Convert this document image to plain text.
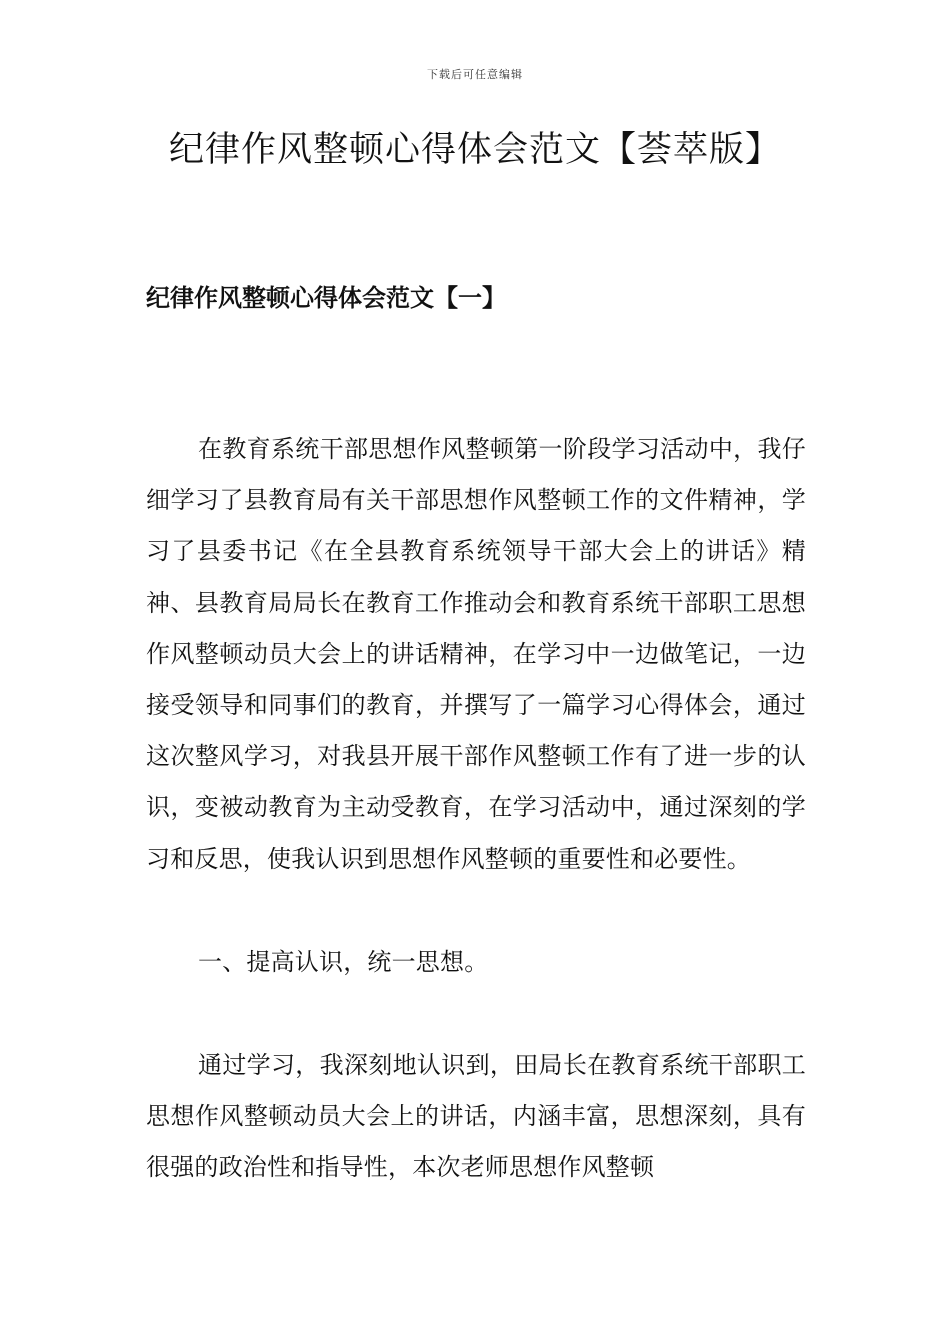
下载后可任意编辑
纪律作风整顿心得体会范文【荟萃版】
纪律作风整顿心得体会范文【一】

在教育系统干部思想作风整顿第一阶段学习活动中，我仔细学习了县教育局有关干部思想作风整顿工作的文件精神，学习了县委书记《在全县教育系统领导干部大会上的讲话》精神、县教育局局长在教育工作推动会和教育系统干部职工思想作风整顿动员大会上的讲话精神，在学习中一边做笔记，一边接受领导和同事们的教育，并撰写了一篇学习心得体会，通过这次整风学习，对我县开展干部作风整顿工作有了进一步的认识，变被动教育为主动受教育，在学习活动中，通过深刻的学习和反思，使我认识到思想作风整顿的重要性和必要性。

一、提高认识，统一思想。

通过学习，我深刻地认识到，田局长在教育系统干部职工思想作风整顿动员大会上的讲话，内涵丰富，思想深刻，具有很强的政治性和指导性，本次老师思想作风整顿
